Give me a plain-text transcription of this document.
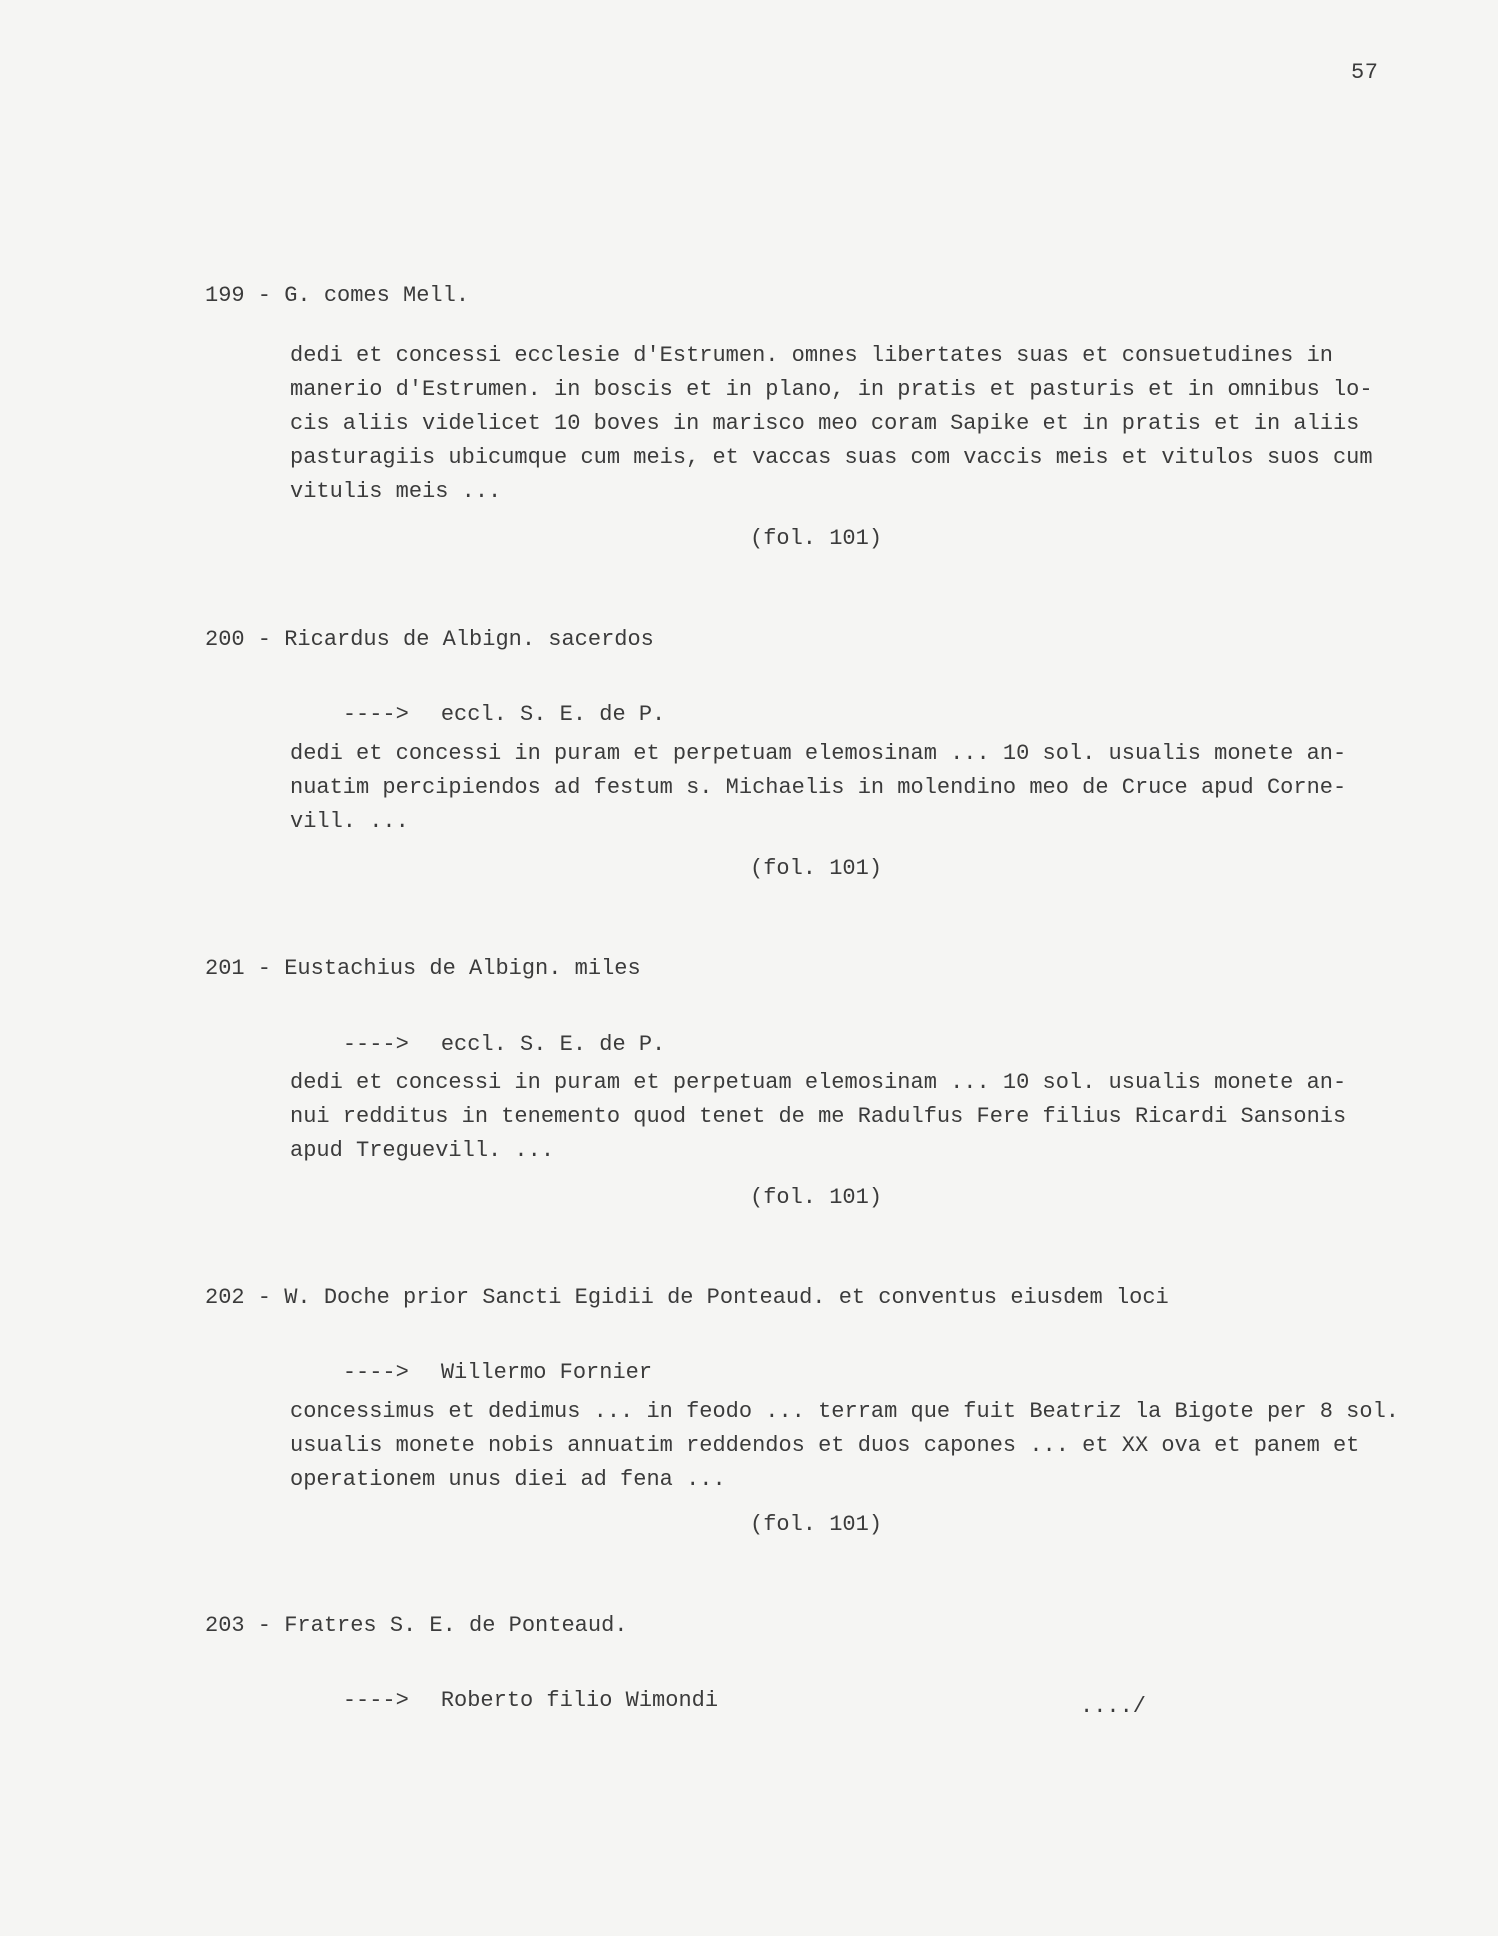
57
199 - G. comes Mell.
dedi et concessi ecclesie d'Estrumen. omnes libertates suas et consuetudines in
manerio d'Estrumen. in boscis et in plano, in pratis et pasturis et in omnibus lo-
cis aliis videlicet 10 boves in marisco meo coram Sapike et in pratis et in aliis
pasturagiis ubicumque cum meis, et vaccas suas com vaccis meis et vitulos suos cum
vitulis meis ...
(fol. 101)
200 - Ricardus de Albign. sacerdos

----> eccl. S. E. de P.

dedi et concessi in puram et perpetuam elemosinam ... 10 sol. usualis monete an-
nuatim percipiendos ad festum s. Michaelis in molendino meo de Cruce apud Corne-
vill. ...
(fol. 101)
201 - Eustachius de Albign. miles

----> eccl. S. E. de P.

dedi et concessi in puram et perpetuam elemosinam ... 10 sol. usualis monete an-
nui redditus in tenemento quod tenet de me Radulfus Fere filius Ricardi Sansonis
apud Treguevill. ...
(fol. 101)
202 - W. Doche prior Sancti Egidii de Ponteaud. et conventus eiusdem loci

----> Willermo Fornier

concessimus et dedimus ... in feodo ... terram que fuit Beatriz la Bigote per 8 sol.
usualis monete nobis annuatim reddendos et duos capones ... et XX ova et panem et
operationem unus diei ad fena ...
(fol. 101)
203 - Fratres S. E. de Ponteaud.

----> Roberto filio Wimondi
	..../
